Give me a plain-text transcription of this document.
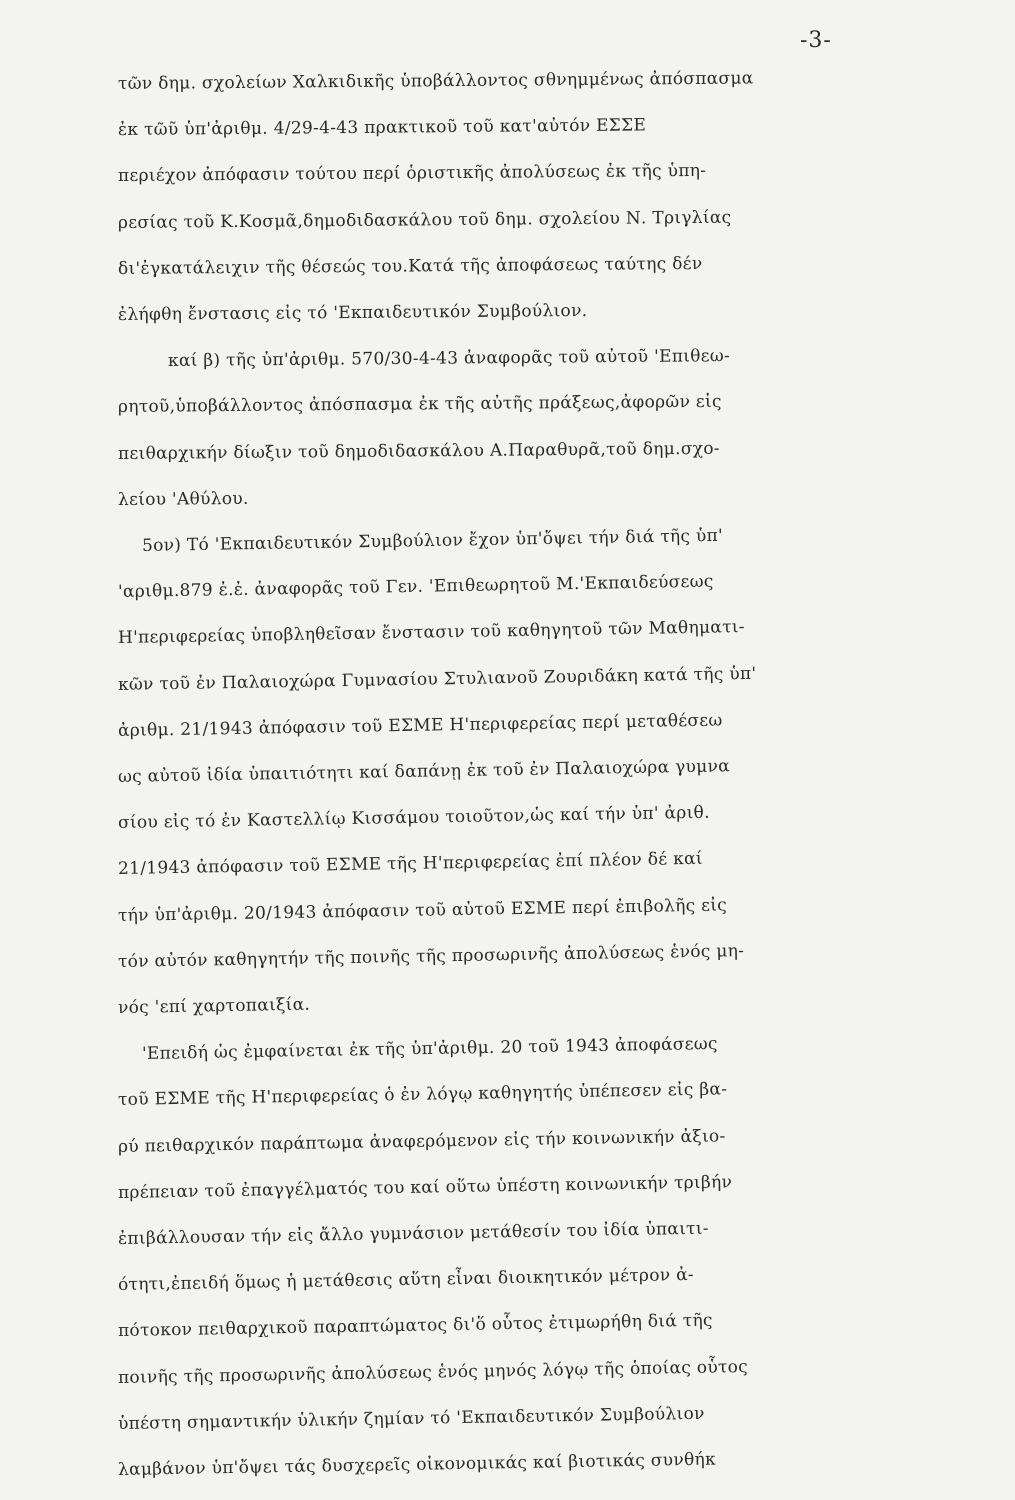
-3-
τῶν δημ. σχολείων Χαλκιδικῆς ὑποβάλλοντος σθνημμένως ἀπόσπασμα
ἐκ τῶῦ ὑπ'ἀριθμ. 4/29-4-43 πρακτικοῦ τοῦ κατ'αὐτόν ΕΣΣΕ
περιέχον ἀπόφασιν τούτου περί ὁριστικῆς ἀπολύσεως ἐκ τῆς ὑπη-
ρεσίας τοῦ Κ.Κοσμᾶ,δημοδιδασκάλου τοῦ δημ. σχολείου Ν. Τριγλίας
δι'ἐγκατάλειχιν τῆς θέσεώς του.Κατά τῆς ἀποφάσεως ταύτης δέν
ἐλήφθη ἔνστασις εἰς τό 'Εκπαιδευτικόν Συμβούλιον.
καί β) τῆς ὑπ'ἀριθμ. 570/30-4-43 ἀναφορᾶς τοῦ αὐτοῦ 'Επιθεω-
ρητοῦ,ὑποβάλλοντος ἀπόσπασμα ἐκ τῆς αὐτῆς πράξεως,ἀφορῶν εἰς
πειθαρχικήν δίωξιν τοῦ δημοδιδασκάλου Α.Παραθυρᾶ,τοῦ δημ.σχο-
λείου 'Αθύλου.
5ον) Τό 'Εκπαιδευτικόν Συμβούλιον ἔχον ὑπ'ὄψει τήν διά τῆς ὑπ'
'αριθμ.879 ἐ.ἐ. ἀναφορᾶς τοῦ Γεν. 'Επιθεωρητοῦ Μ.'Εκπαιδεύσεως
Η'περιφερείας ὑποβληθεῖσαν ἔνστασιν τοῦ καθηγητοῦ τῶν Μαθηματι-
κῶν τοῦ ἐν Παλαιοχώρα Γυμνασίου Στυλιανοῦ Ζουριδάκη κατά τῆς ὑπ'
ἀριθμ. 21/1943 ἀπόφασιν τοῦ ΕΣΜΕ Η'περιφερείας περί μεταθέσεω
ως αὐτοῦ ἰδία ὑπαιτιότητι καί δαπάνῃ ἐκ τοῦ ἐν Παλαιοχώρα γυμνα
σίου εἰς τό ἐν Καστελλίῳ Κισσάμου τοιοῦτον,ὡς καί τήν ὑπ' ἀριθ.
21/1943 ἀπόφασιν τοῦ ΕΣΜΕ τῆς Η'περιφερείας ἐπί πλέον δέ καί
τήν ὑπ'ἀριθμ. 20/1943 ἀπόφασιν τοῦ αὐτοῦ ΕΣΜΕ περί ἐπιβολῆς εἰς
τόν αὐτόν καθηγητήν τῆς ποινῆς τῆς προσωρινῆς ἀπολύσεως ἑνός μη-
νός 'επί χαρτοπαιξία.
'Επειδή ὡς ἐμφαίνεται ἐκ τῆς ὑπ'ἀριθμ. 20 τοῦ 1943 ἀποφάσεως
τοῦ ΕΣΜΕ τῆς Η'περιφερείας ὁ ἐν λόγῳ καθηγητής ὑπέπεσεν εἰς βα-
ρύ πειθαρχικόν παράπτωμα ἀναφερόμενον εἰς τήν κοινωνικήν ἀξιο-
πρέπειαν τοῦ ἐπαγγέλματός του καί οὕτω ὑπέστη κοινωνικήν τριβήν
ἐπιβάλλουσαν τήν εἰς ἄλλο γυμνάσιον μετάθεσίν του ἰδία ὑπαιτι-
ότητι,ἐπειδή ὅμως ἡ μετάθεσις αὕτη εἶναι διοικητικόν μέτρον ἀ-
πότοκον πειθαρχικοῦ παραπτώματος δι'ὅ οὗτος ἐτιμωρήθη διά τῆς
ποινῆς τῆς προσωρινῆς ἀπολύσεως ἑνός μηνός λόγῳ τῆς ὁποίας οὗτος
ὑπέστη σημαντικήν ὑλικήν ζημίαν τό 'Εκπαιδευτικόν Συμβούλιον
λαμβάνον ὑπ'ὄψει τάς δυσχερεῖς οἰκονομικάς καί βιοτικάς συνθήκ
